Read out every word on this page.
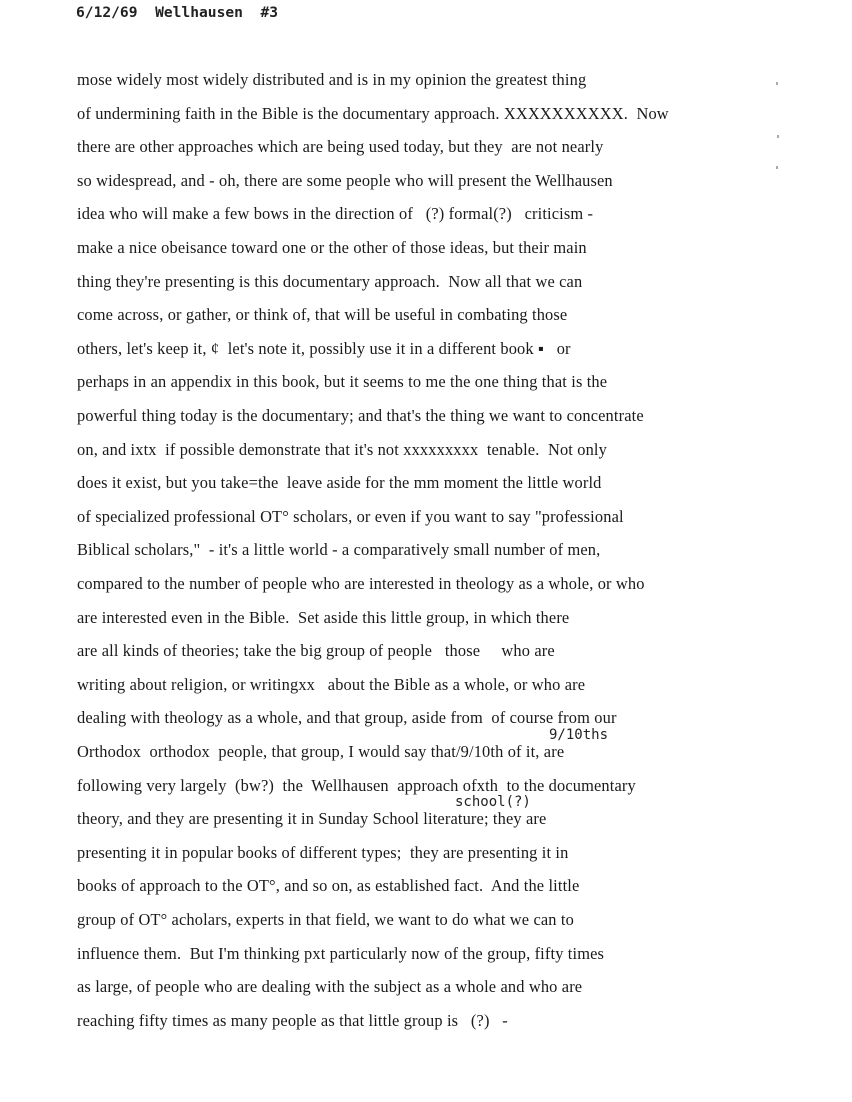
6/12/69  Wellhausen  #3
mose widely most widely distributed and is in my opinion the greatest thing
of undermining faith in the Bible is the documentary approach. XXXXXXXXXX.  Now
there are other approaches which are being used today, but they  are not nearly
so widespread, and - oh, there are some people who will present the Wellhausen
idea who will make a few bows in the direction of   (?) formal(?)   criticism -
make a nice obeisance toward one or the other of those ideas, but their main
thing they're presenting is this documentary approach.  Now all that we can
come across, or gather, or think of, that will be useful in combating those
others, let's keep it, ¢  let's note it, possibly use it in a different book ▪   or
perhaps in an appendix in this book, but it seems to me the one thing that is the
powerful thing today is the documentary; and that's the thing we want to concentrate
on, and ixtx  if possible demonstrate that it's not xxxxxxxxx  tenable.  Not only
does it exist, but you take=the  leave aside for the mm moment the little world
of specialized professional OT° scholars, or even if you want to say "professional
Biblical scholars,"  - it's a little world - a comparatively small number of men,
compared to the number of people who are interested in theology as a whole, or who
are interested even in the Bible.  Set aside this little group, in which there
are all kinds of theories; take the big group of people   those     who are
writing about religion, or writingxx   about the Bible as a whole, or who are
dealing with theology as a whole, and that group, aside from  of course from our
Orthodox  orthodox  people, that group, I would say that/9/10th of it, are
following very largely  (bw?)  the  Wellhausen  approach ofxth  to the documentary
theory, and they are presenting it in Sunday School literature; they are
presenting it in popular books of different types;  they are presenting it in
books of approach to the OT°, and so on, as established fact.  And the little
group of OT° acholars, experts in that field, we want to do what we can to
influence them.  But I'm thinking pxt particularly now of the group, fifty times
as large, of people who are dealing with the subject as a whole and who are
reaching fifty times as many people as that little group is   (?)   -
9/10ths
school(?)
